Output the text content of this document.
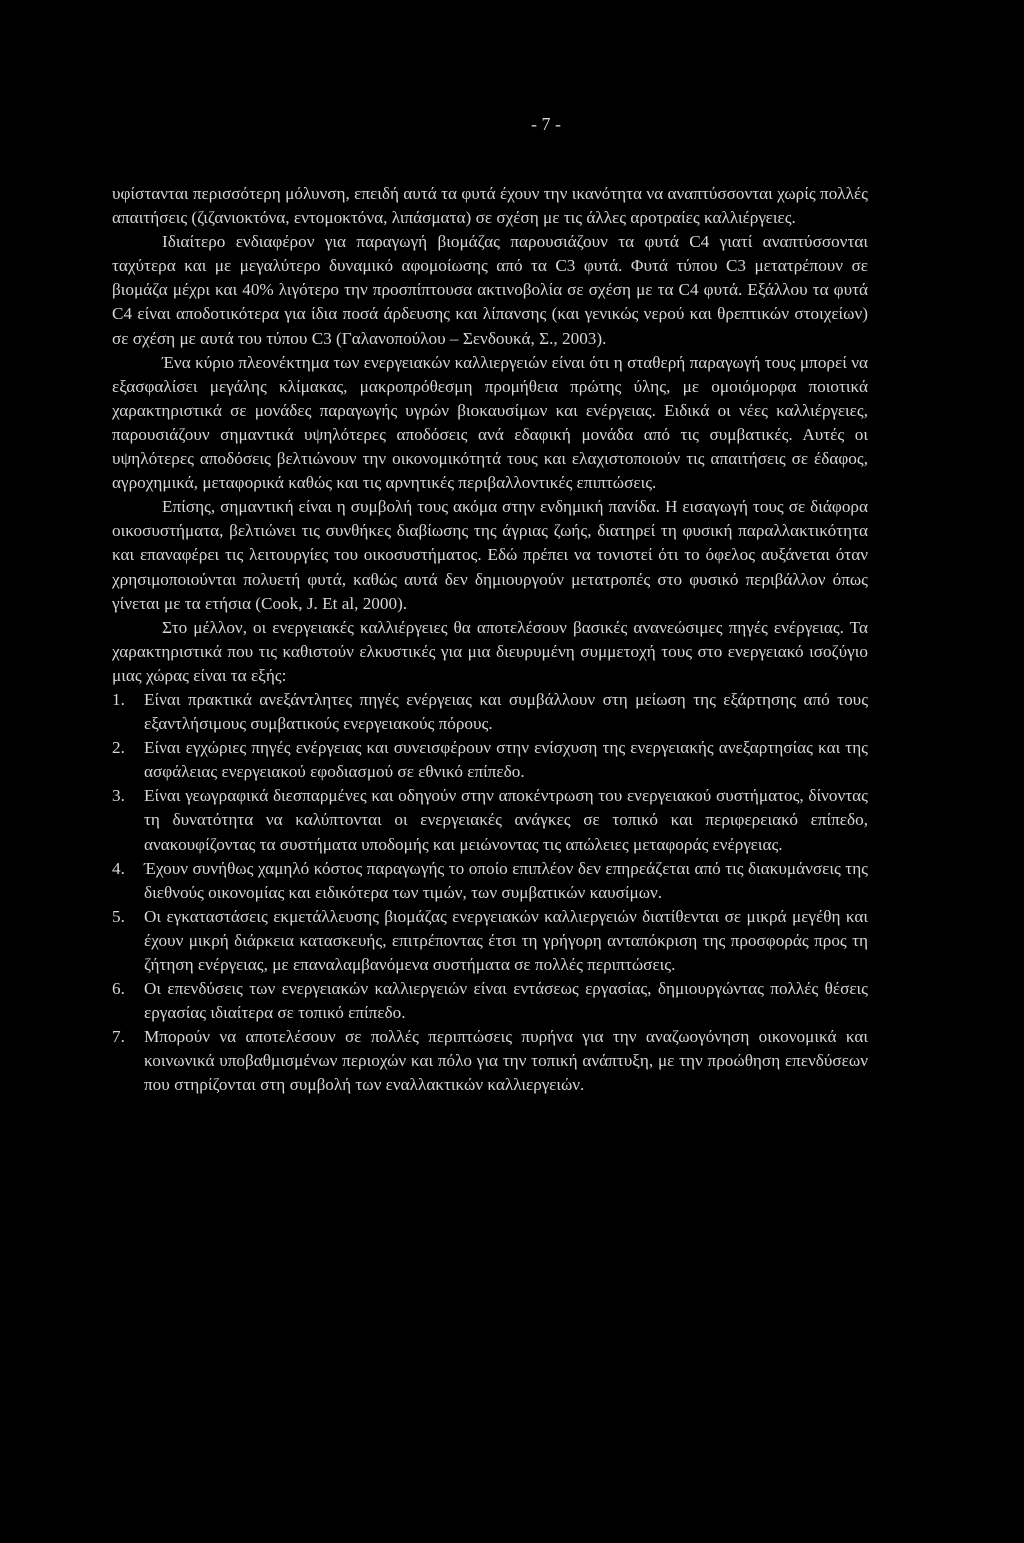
- 7 -

υφίστανται περισσότερη μόλυνση, επειδή αυτά τα φυτά έχουν την ικανότητα να αναπτύσσονται χωρίς πολλές απαιτήσεις (ζιζανιοκτόνα, εντομοκτόνα, λιπάσματα) σε σχέση με τις άλλες αροτραίες καλλιέργειες.

Ιδιαίτερο ενδιαφέρον για παραγωγή βιομάζας παρουσιάζουν τα φυτά C4 γιατί αναπτύσσονται ταχύτερα και με μεγαλύτερο δυναμικό αφομοίωσης από τα C3 φυτά. Φυτά τύπου C3 μετατρέπουν σε βιομάζα μέχρι και 40% λιγότερο την προσπίπτουσα ακτινοβολία σε σχέση με τα C4 φυτά. Εξάλλου τα φυτά C4 είναι αποδοτικότερα για ίδια ποσά άρδευσης και λίπανσης (και γενικώς νερού και θρεπτικών στοιχείων) σε σχέση με αυτά του τύπου C3 (Γαλανοπούλου – Σενδουκά, Σ., 2003).

Ένα κύριο πλεονέκτημα των ενεργειακών καλλιεργειών είναι ότι η σταθερή παραγωγή τους μπορεί να εξασφαλίσει μεγάλης κλίμακας, μακροπρόθεσμη προμήθεια πρώτης ύλης, με ομοιόμορφα ποιοτικά χαρακτηριστικά σε μονάδες παραγωγής υγρών βιοκαυσίμων και ενέργειας. Ειδικά οι νέες καλλιέργειες, παρουσιάζουν σημαντικά υψηλότερες αποδόσεις ανά εδαφική μονάδα από τις συμβατικές. Αυτές οι υψηλότερες αποδόσεις βελτιώνουν την οικονομικότητά τους και ελαχιστοποιούν τις απαιτήσεις σε έδαφος, αγροχημικά, μεταφορικά καθώς και τις αρνητικές περιβαλλοντικές επιπτώσεις.

Επίσης, σημαντική είναι η συμβολή τους ακόμα στην ενδημική πανίδα. Η εισαγωγή τους σε διάφορα οικοσυστήματα, βελτιώνει τις συνθήκες διαβίωσης της άγριας ζωής, διατηρεί τη φυσική παραλλακτικότητα και επαναφέρει τις λειτουργίες του οικοσυστήματος. Εδώ πρέπει να τονιστεί ότι το όφελος αυξάνεται όταν χρησιμοποιούνται πολυετή φυτά, καθώς αυτά δεν δημιουργούν μετατροπές στο φυσικό περιβάλλον όπως γίνεται με τα ετήσια (Cook, J. Et al, 2000).

Στο μέλλον, οι ενεργειακές καλλιέργειες θα αποτελέσουν βασικές ανανεώσιμες πηγές ενέργειας. Τα χαρακτηριστικά που τις καθιστούν ελκυστικές για μια διευρυμένη συμμετοχή τους στο ενεργειακό ισοζύγιο μιας χώρας είναι τα εξής:

1.	Είναι πρακτικά ανεξάντλητες πηγές ενέργειας και συμβάλλουν στη μείωση της εξάρτησης από τους εξαντλήσιμους συμβατικούς ενεργειακούς πόρους.
2.	Είναι εγχώριες πηγές ενέργειας και συνεισφέρουν στην ενίσχυση της ενεργειακής ανεξαρτησίας και της ασφάλειας ενεργειακού εφοδιασμού σε εθνικό επίπεδο.
3.	Είναι γεωγραφικά διεσπαρμένες και οδηγούν στην αποκέντρωση του ενεργειακού συστήματος, δίνοντας τη δυνατότητα να καλύπτονται οι ενεργειακές ανάγκες σε τοπικό και περιφερειακό επίπεδο, ανακουφίζοντας τα συστήματα υποδομής και μειώνοντας τις απώλειες μεταφοράς ενέργειας.
4.	Έχουν συνήθως χαμηλό κόστος παραγωγής το οποίο επιπλέον δεν επηρεάζεται από τις διακυμάνσεις της διεθνούς οικονομίας και ειδικότερα των τιμών, των συμβατικών καυσίμων.
5.	Οι εγκαταστάσεις εκμετάλλευσης βιομάζας ενεργειακών καλλιεργειών διατίθενται σε μικρά μεγέθη και έχουν μικρή διάρκεια κατασκευής, επιτρέποντας έτσι τη γρήγορη ανταπόκριση της προσφοράς προς τη ζήτηση ενέργειας, με επαναλαμβανόμενα συστήματα σε πολλές περιπτώσεις.
6.	Οι επενδύσεις των ενεργειακών καλλιεργειών είναι εντάσεως εργασίας, δημιουργώντας πολλές θέσεις εργασίας ιδιαίτερα σε τοπικό επίπεδο.
7.	Μπορούν να αποτελέσουν σε πολλές περιπτώσεις πυρήνα για την αναζωογόνηση οικονομικά και κοινωνικά υποβαθμισμένων περιοχών και πόλο για την τοπική ανάπτυξη, με την προώθηση επενδύσεων που στηρίζονται στη συμβολή των εναλλακτικών καλλιεργειών.
